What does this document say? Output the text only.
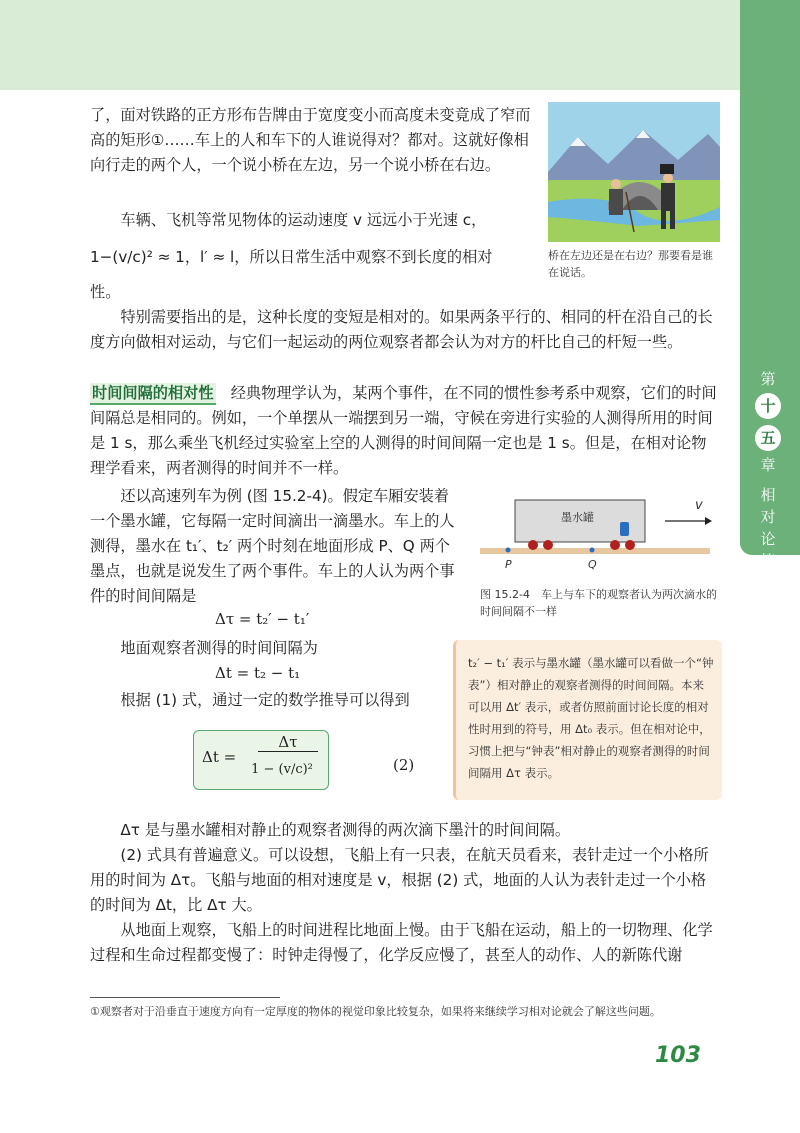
第
十 五
章
相
对
论
简
介
桥在左边还是在右边？那要看是谁在说话。

了，面对铁路的正方形布告牌由于宽度变小而高度未变竟成了窄而高的矩形①……车上的人和车下的人谁说得对？都对。这就好像相向行走的两个人，一个说小桥在左边，另一个说小桥在右边。

车辆、飞机等常见物体的运动速度 v 远远小于光速 c，

1−(v/c)² ≈ 1，l′ ≈ l，所以日常生活中观察不到长度的相对

性。

特别需要指出的是，这种长度的变短是相对的。如果两条平行的、相同的杆在沿自己的长度方向做相对运动，与它们一起运动的两位观察者都会认为对方的杆比自己的杆短一些。

时间间隔的相对性　 经典物理学认为，某两个事件，在不同的惯性参考系中观察，它们的时间间隔总是相同的。例如，一个单摆从一端摆到另一端，守候在旁进行实验的人测得所用的时间是 1 s，那么乘坐飞机经过实验室上空的人测得的时间间隔一定也是 1 s。但是，在相对论物理学看来，两者测得的时间并不一样。

还以高速列车为例 (图 15.2-4)。假定车厢安装着一个墨水罐，它每隔一定时间滴出一滴墨水。车上的人测得，墨水在 t₁′、t₂′ 两个时刻在地面形成 P、Q 两个墨点，也就是说发生了两个事件。车上的人认为两个事件的时间间隔是

Δτ = t₂′ − t₁′

地面观察者测得的时间间隔为

Δt = t₂ − t₁

根据 (1) 式，通过一定的数学推导可以得到

Δt =
Δτ
1 − (v/c)²	(2)
墨水罐
v
P	Q
图 15.2-4　车上与车下的观察者认为两次滴水的时间间隔不一样
t₂′ − t₁′ 表示与墨水罐（墨水罐可以看做一个“钟表”）相对静止的观察者测得的时间间隔。本来可以用 Δt′ 表示，或者仿照前面讨论长度的相对性时用到的符号，用 Δt₀ 表示。但在相对论中，习惯上把与“钟表”相对静止的观察者测得的时间间隔用 Δτ 表示。

Δτ 是与墨水罐相对静止的观察者测得的两次滴下墨汁的时间间隔。

(2) 式具有普遍意义。可以设想，飞船上有一只表，在航天员看来，表针走过一个小格所用的时间为 Δτ。飞船与地面的相对速度是 v，根据 (2) 式，地面的人认为表针走过一个小格的时间为 Δt，比 Δτ 大。

从地面上观察，飞船上的时间进程比地面上慢。由于飞船在运动，船上的一切物理、化学过程和生命过程都变慢了：时钟走得慢了，化学反应慢了，甚至人的动作、人的新陈代谢

①观察者对于沿垂直于速度方向有一定厚度的物体的视觉印象比较复杂，如果将来继续学习相对论就会了解这些问题。
103
